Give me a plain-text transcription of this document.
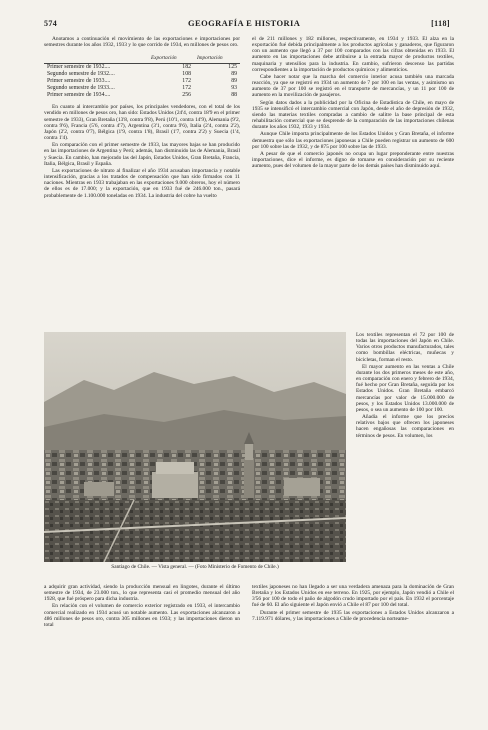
574	GEOGRAFÍA E HISTORIA	[118]

Anotamos a continuación el movimiento de las exportaciones e importaciones por semestres durante los años 1932, 1933 y lo que corrido de 1934, en millones de pesos oro.

	Exportación	Importación
Primer semestre de 1932....	182	125
Segundo semestre de 1932....	108	89
Primer semestre de 1933....	172	89
Segundo semestre de 1933....	172	93
Primer semestre de 1934....	256	88

En cuanto al intercambio por países, los principales vendedores, con el total de los vendido en millones de pesos oro, han sido: Estados Unidos (24'4, contra 18'9 en el primer semestre de 1933), Gran Bretaña (13'8, contra 9'8), Perú (10'1, contra 14'9), Alemania (9'2, contra 9'6), Francia (5'6, contra 4'7), Argentina (3'1, contra 9'6), Italia (2'4, contra 2'2), Japón (2'2, contra 0'7), Bélgica (1'9, contra 1'8), Brasil (1'7, contra 2'2) y Suecia (1'4, contra 1'4).

En comparación con el primer semestre de 1933, las mayores bajas se han producido en las importaciones de Argentina y Perú; además, han disminuido las de Alemania, Brasil y Suecia. En cambio, han mejorado las del Japón, Estados Unidos, Gran Bretaña, Francia, Italia, Bélgica, Brasil y España.

Las exportaciones de nitrato al finalizar el año 1934 acusaban importancia y notable intensificación, gracias a los tratados de compensación que han sido firmados con 11 naciones. Mientras en 1933 trabajaban en las exportaciones 9.000 obreros, hoy el número de ellos es de 17.000; y la exportación, que en 1933 fué de 246.000 ton., pasará probablemente de 1.100.000 toneladas en 1934. La industria del cobre ha vuelto

el de 211 millones y 182 millones, respectivamente, en 1934 y 1933. El alza en la exportación fué debida principalmente a los productos agrícolas y ganaderos, que figuraron con un aumento que llegó a 37 por 100 comparados con las cifras obtenidas en 1933. El aumento en las importaciones debe atribuirse a la entrada mayor de productos textiles, maquinaria y utensilios para la industria. En cambio, sufrieron descenso las partidas correspondientes a la importación de productos químicos y alimenticios.

Cabe hacer notar que la marcha del comercio interior acusa también una marcada reacción, ya que se registró en 1934 un aumento de 7 por 100 en las ventas, y asimismo un aumento de 37 por 100 se registró en el transporte de mercancías, y un 11 por 100 de aumento en la movilización de pasajeros.

Según datos dados a la publicidad por la Oficina de Estadística de Chile, en mayo de 1935 se intensificó el intercambio comercial con Japón, desde el año de depresión de 1932, siendo las materias textiles compradas a cambio de salitre la base principal de esta rehabilitación comercial que se desprende de la comparación de las importaciones chilenas durante los años 1932, 1933 y 1934.

Aunque Chile importa principalmente de los Estados Unidos y Gran Bretaña, el informe demuestra que sólo las exportaciones japonesas a Chile pueden registrar un aumento de 600 por 100 sobre las de 1932, y de 875 por 100 sobre las de 1933.

A pesar de que el comercio japonés no ocupa un lugar preponderante entre nuestras importaciones, dice el informe, es digno de tomarse en consideración por su reciente aumento, pues del volumen de la mayor parte de los demás países han disminuido aquí.

Santiago de Chile. — Vista general. — (Foto Ministerio de Fomento de Chile.)

Los textiles representan el 72 por 100 de todas las importaciones del Japón en Chile. Varios otros productos manufacturados, tales como bombillas eléctricas, muñecas y bicicletas, forman el resto.

El mayor aumento en las ventas a Chile durante los dos primeros meses de este año, en comparación con enero y febrero de 1934, fué hecho por Gran Bretaña, seguida por los Estados Unidos. Gran Bretaña embarcó mercancías por valor de 15.000.000 de pesos, y los Estados Unidos 13.000.000 de pesos, o sea un aumento de 100 por 100.

Añadía el informe que los precios relativos bajos que ofrecen los japoneses hacen engañosas las comparaciones en términos de pesos. En volumen, los

a adquirir gran actividad, siendo la producción mensual en lingotes, durante el último semestre de 1934, de 23.000 ton., lo que representa casi el promedio mensual del año 1928, que fué próspero para dicha industria.

En relación con el volumen de comercio exterior registrado en 1933, el intercambio comercial realizado en 1934 acusó un notable aumento. Las exportaciones alcanzaron a 486 millones de pesos oro, contra 305 millones en 1933; y las importaciones dieron un total

textiles japoneses no han llegado a ser una verdadera amenaza para la dominación de Gran Bretaña y los Estados Unidos en ese terreno. En 1925, por ejemplo, Japón vendió a Chile el 3'56 por 100 de todo el paño de algodón crudo importado por el país. En 1932 el porcentaje fué de 60. El año siguiente el Japón envió a Chile el 87 por 100 del total.

Durante el primer semestre de 1935 las exportaciones a Estados Unidos alcanzaron a 7.119.971 dólares, y las importaciones a Chile de procedencia norteame-
